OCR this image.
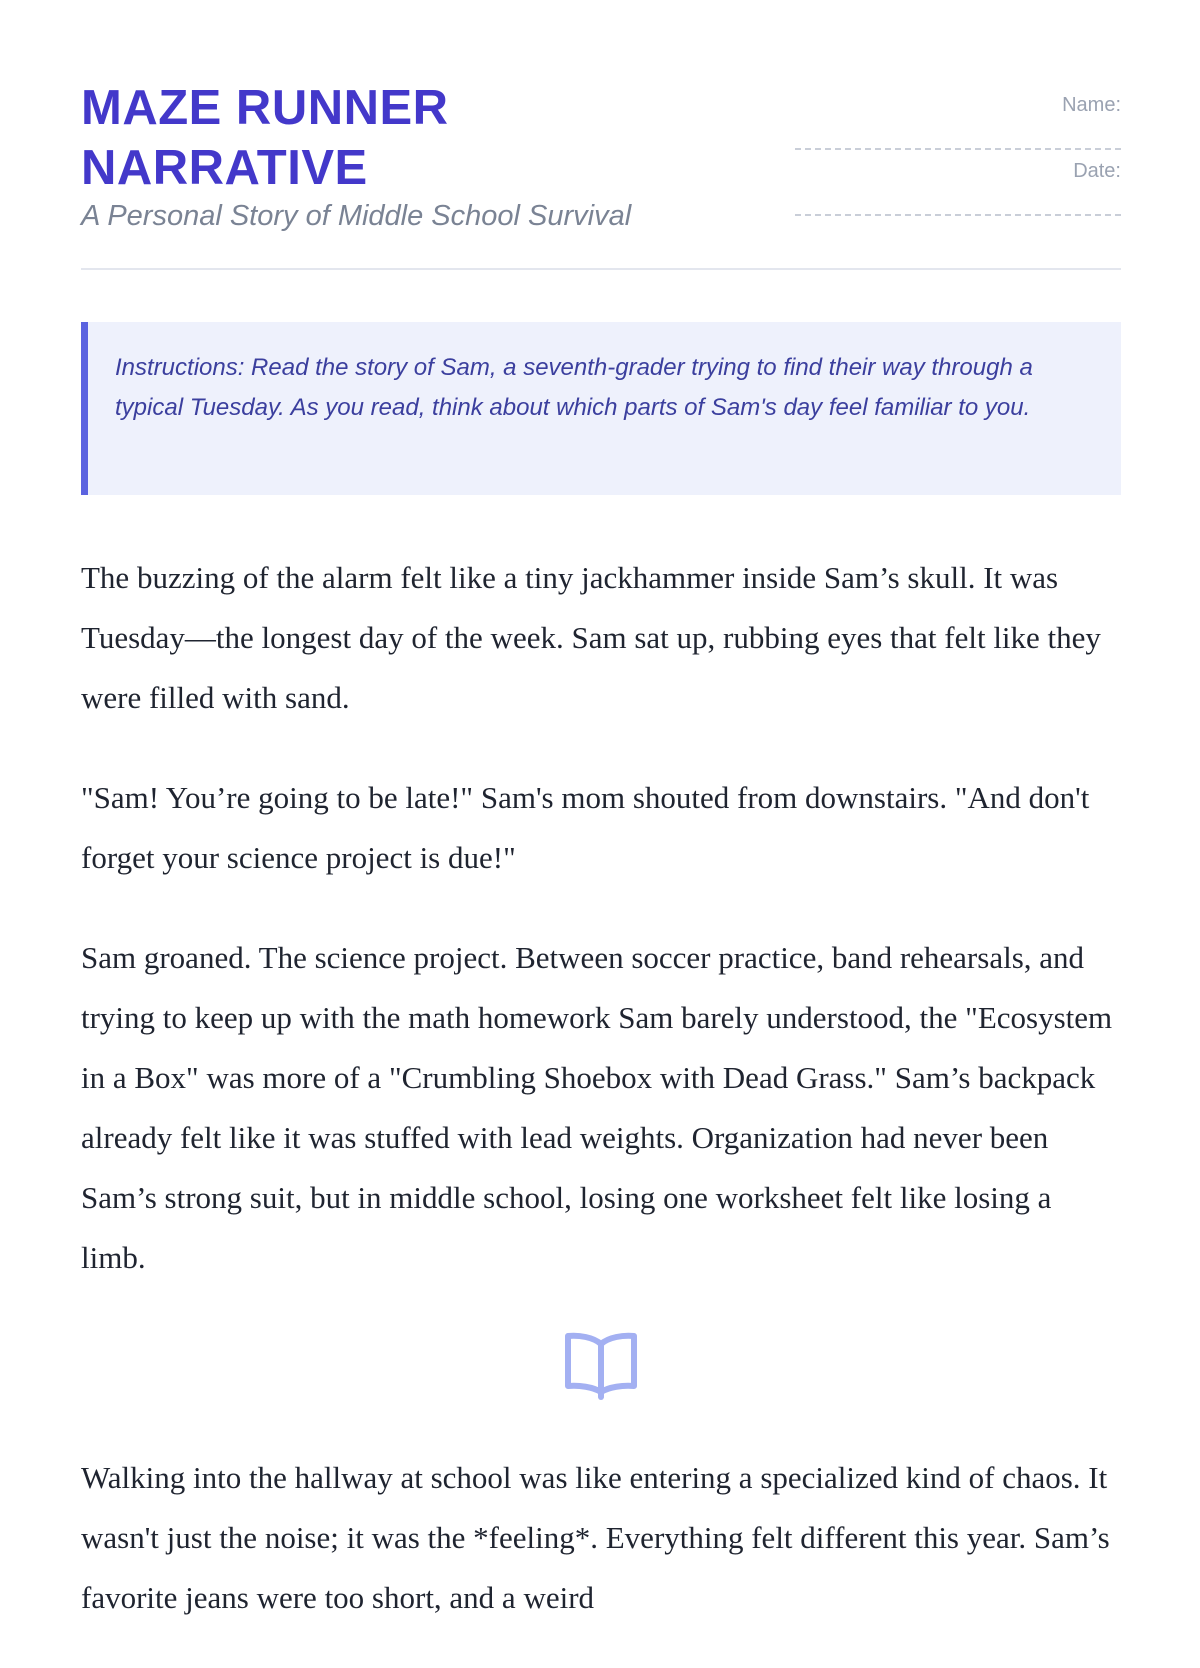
MAZE RUNNER
NARRATIVE
A Personal Story of Middle School Survival
Name:
Date:
Instructions: Read the story of Sam, a seventh-grader trying to find their way through a typical Tuesday. As you read, think about which parts of Sam's day feel familiar to you.

The buzzing of the alarm felt like a tiny jackhammer inside Sam’s skull. It was Tuesday—the longest day of the week. Sam sat up, rubbing eyes that felt like they were filled with sand.

"Sam! You’re going to be late!" Sam's mom shouted from downstairs. "And don't forget your science project is due!"

Sam groaned. The science project. Between soccer practice, band rehearsals, and trying to keep up with the math homework Sam barely understood, the "Ecosystem in a Box" was more of a "Crumbling Shoebox with Dead Grass." Sam’s backpack already felt like it was stuffed with lead weights. Organization had never been Sam’s strong suit, but in middle school, losing one worksheet felt like losing a limb.

Walking into the hallway at school was like entering a specialized kind of chaos. It wasn't just the noise; it was the *feeling*. Everything felt different this year. Sam’s favorite jeans were too short, and a weird
